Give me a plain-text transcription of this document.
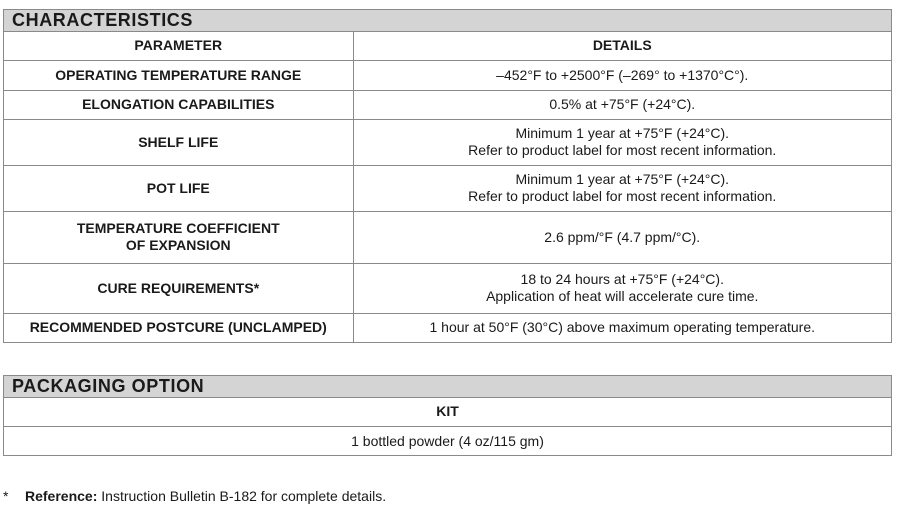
CHARACTERISTICS
PARAMETER	DETAILS

OPERATING TEMPERATURE RANGE	–452°F to +2500°F (–269° to +1370°C°).

ELONGATION CAPABILITIES	0.5% at +75°F (+24°C).

SHELF LIFE	Minimum 1 year at +75°F (+24°C).
Refer to product label for most recent information.

POT LIFE	Minimum 1 year at +75°F (+24°C).
Refer to product label for most recent information.

TEMPERATURE COEFFICIENT
OF EXPANSION	2.6 ppm/°F (4.7 ppm/°C).

CURE REQUIREMENTS*	18 to 24 hours at +75°F (+24°C).
Application of heat will accelerate cure time.

RECOMMENDED POSTCURE (UNCLAMPED)	1 hour at 50°F (30°C) above maximum operating temperature.
PACKAGING OPTION
KIT
1 bottled powder (4 oz/115 gm)
* Reference: Instruction Bulletin B-182 for complete details.
